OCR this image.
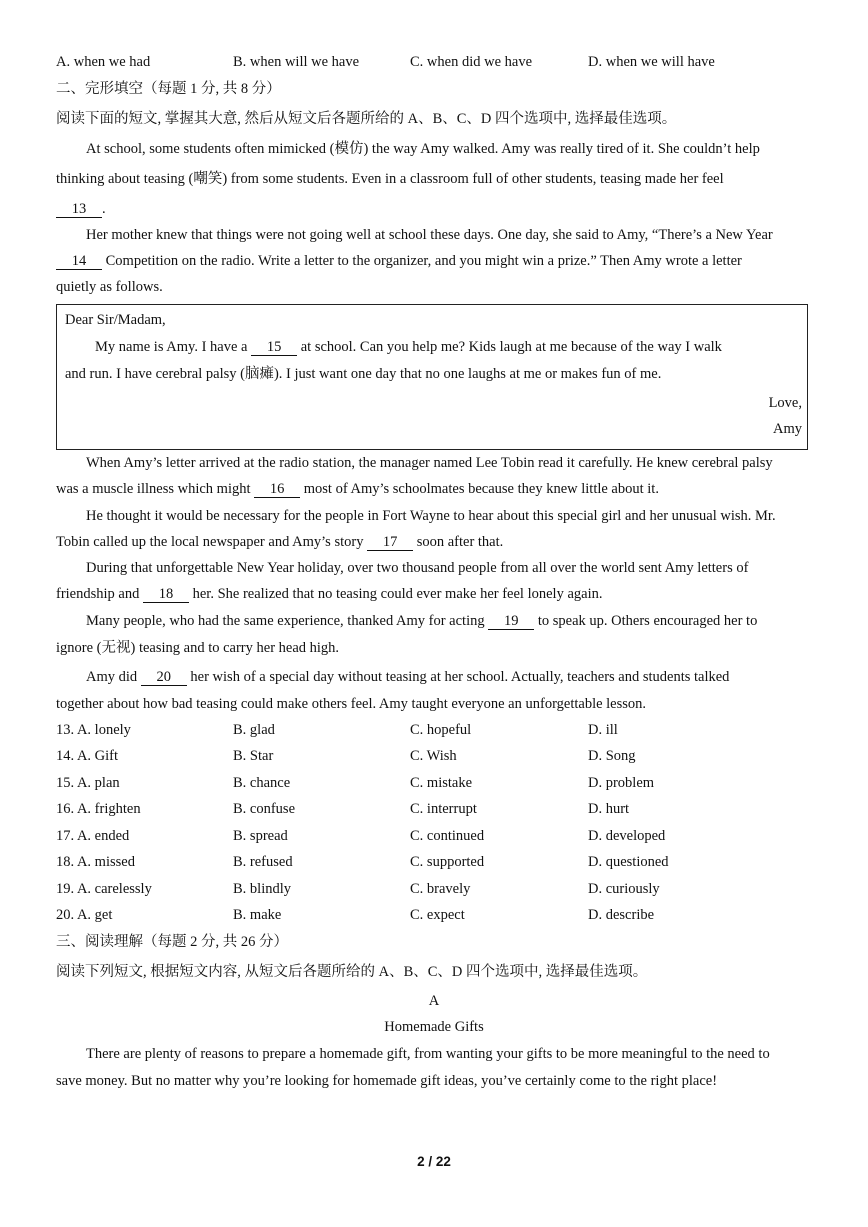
A. when we had	B. when will we have	C. when did we have	D. when we will have
二、完形填空（每题 1 分, 共 8 分）
阅读下面的短文, 掌握其大意, 然后从短文后各题所给的 A、B、C、D 四个选项中, 选择最佳选项。
At school, some students often mimicked (模仿) the way Amy walked. Amy was really tired of it. She couldn’t help
thinking about teasing (嘲笑) from some students. Even in a classroom full of other students, teasing made her feel
13 .
Her mother knew that things were not going well at school these days. One day, she said to Amy, “There’s a New Year
14 Competition on the radio. Write a letter to the organizer, and you might win a prize.” Then Amy wrote a letter
quietly as follows.
Dear Sir/Madam,
My name is Amy. I have a 15 at school. Can you help me? Kids laugh at me because of the way I walk
and run. I have cerebral palsy (脑瘫). I just want one day that no one laughs at me or makes fun of me.
Love,
Amy
When Amy’s letter arrived at the radio station, the manager named Lee Tobin read it carefully. He knew cerebral palsy
was a muscle illness which might 16 most of Amy’s schoolmates because they knew little about it.
He thought it would be necessary for the people in Fort Wayne to hear about this special girl and her unusual wish. Mr.
Tobin called up the local newspaper and Amy’s story 17 soon after that.
During that unforgettable New Year holiday, over two thousand people from all over the world sent Amy letters of
friendship and 18 her. She realized that no teasing could ever make her feel lonely again.
Many people, who had the same experience, thanked Amy for acting 19 to speak up. Others encouraged her to
ignore (无视) teasing and to carry her head high.
Amy did 20 her wish of a special day without teasing at her school. Actually, teachers and students talked
together about how bad teasing could make others feel. Amy taught everyone an unforgettable lesson.
13. A. lonely	B. glad	C. hopeful	D. ill
14. A. Gift	B. Star	C. Wish	D. Song
15. A. plan	B. chance	C. mistake	D. problem
16. A. frighten	B. confuse	C. interrupt	D. hurt
17. A. ended	B. spread	C. continued	D. developed
18. A. missed	B. refused	C. supported	D. questioned
19. A. carelessly	B. blindly	C. bravely	D. curiously
20. A. get	B. make	C. expect	D. describe
三、阅读理解（每题 2 分, 共 26 分）
阅读下列短文, 根据短文内容, 从短文后各题所给的 A、B、C、D 四个选项中, 选择最佳选项。
A
Homemade Gifts
There are plenty of reasons to prepare a homemade gift, from wanting your gifts to be more meaningful to the need to
save money. But no matter why you’re looking for homemade gift ideas, you’ve certainly come to the right place!
2 / 22
